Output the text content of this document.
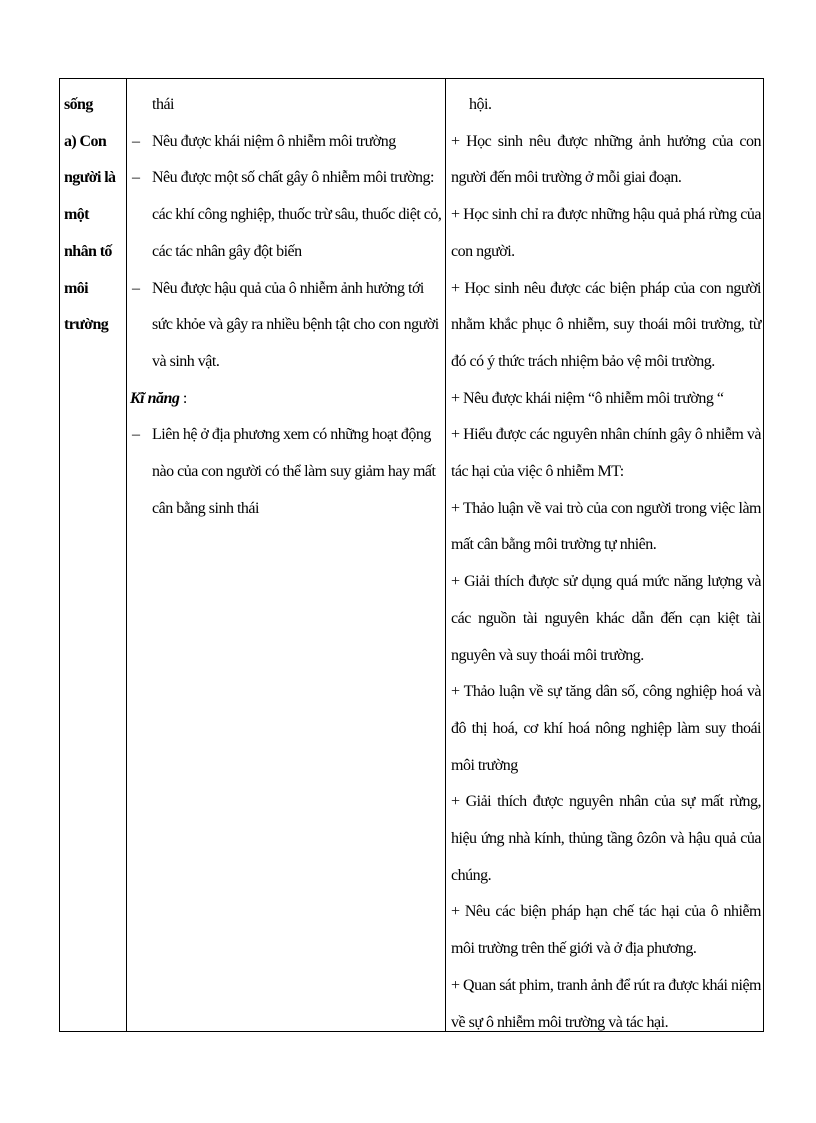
sống
a) Con
người là
một
nhân tố
môi
trường
thái
– Nêu được khái niệm ô nhiễm môi trường
– Nêu được một số chất gây ô nhiễm môi trường: các khí công nghiệp, thuốc trừ sâu, thuốc diệt cỏ, các tác nhân gây đột biến
– Nêu được hậu quả của ô nhiễm ảnh hưởng tới sức khỏe và gây ra nhiều bệnh tật cho con người và sinh vật.
Kĩ năng :
– Liên hệ ở địa phương xem có những hoạt động nào của con người có thể làm suy giảm hay mất cân bằng sinh thái
hội.
+ Học sinh nêu được những ảnh hưởng của con người đến môi trường ở mỗi giai đoạn.
+ Học sinh chỉ ra được những hậu quả phá rừng của con người.
+ Học sinh nêu được các biện pháp của con người nhằm khắc phục ô nhiễm, suy thoái môi trường, từ đó có ý thức trách nhiệm bảo vệ môi trường.
+ Nêu được khái niệm “ô nhiễm môi trường “
+ Hiểu được các nguyên nhân chính gây ô nhiễm và tác hại của việc ô nhiễm MT:
+ Thảo luận về vai trò của con người trong việc làm mất cân bằng môi trường tự nhiên.
+ Giải thích được sử dụng quá mức năng lượng và các nguồn tài nguyên khác dẫn đến cạn kiệt tài nguyên và suy thoái môi trường.
+ Thảo luận về sự tăng dân số, công nghiệp hoá và đô thị hoá, cơ khí hoá nông nghiệp làm suy thoái môi trường
+ Giải thích được nguyên nhân của sự mất rừng, hiệu ứng nhà kính, thủng tầng ôzôn và hậu quả của chúng.
+ Nêu các biện pháp hạn chế tác hại của ô nhiễm môi trường trên thế giới và ở địa phương.
+ Quan sát phim, tranh ảnh để rút ra được khái niệm về sự ô nhiễm môi trường và tác hại.
